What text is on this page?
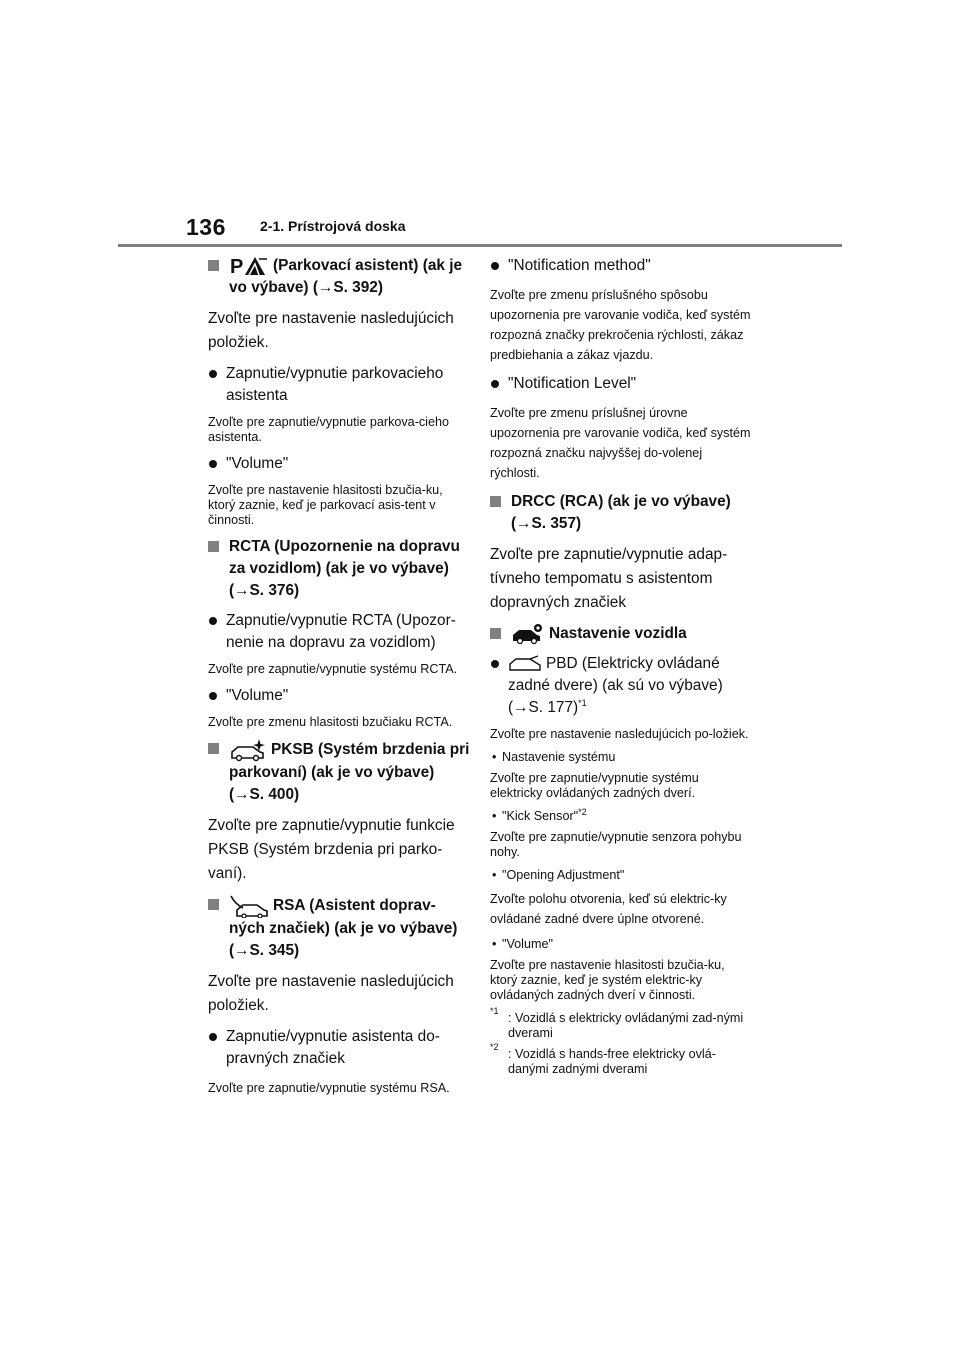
136 2-1. Prístrojová doska
P (Parkovací asistent) (ak je vo výbave) (→S. 392)
Zvoľte pre nastavenie nasledujúcich položiek.
Zapnutie/vypnutie parkovacieho asistenta
Zvoľte pre zapnutie/vypnutie parkova-cieho asistenta.
"Volume"
Zvoľte pre nastavenie hlasitosti bzučia-ku, ktorý zaznie, keď je parkovací asis-tent v činnosti.
RCTA (Upozornenie na dopravu za vozidlom) (ak je vo výbave) (→S. 376)
Zapnutie/vypnutie RCTA (Upozor-nenie na dopravu za vozidlom)
Zvoľte pre zapnutie/vypnutie systému RCTA.
"Volume"
Zvoľte pre zmenu hlasitosti bzučiaku RCTA.
PKSB (Systém brzdenia pri parkovaní) (ak je vo výbave) (→S. 400)
Zvoľte pre zapnutie/vypnutie funkcie PKSB (Systém brzdenia pri parko-vaní).
RSA (Asistent doprav-ných značiek) (ak je vo výbave) (→S. 345)
Zvoľte pre nastavenie nasledujúcich položiek.
Zapnutie/vypnutie asistenta do-pravných značiek
Zvoľte pre zapnutie/vypnutie systému RSA.
"Notification method"
Zvoľte pre zmenu príslušného spôsobu upozornenia pre varovanie vodiča, keď systém rozpozná značky prekročenia rýchlosti, zákaz predbiehania a zákaz vjazdu.
"Notification Level"
Zvoľte pre zmenu príslušnej úrovne upozornenia pre varovanie vodiča, keď systém rozpozná značku najvyššej do-volenej rýchlosti.
DRCC (RCA) (ak je vo výbave) (→S. 357)
Zvoľte pre zapnutie/vypnutie adap-tívneho tempomatu s asistentom dopravných značiek
Nastavenie vozidla
PBD (Elektricky ovládané zadné dvere) (ak sú vo výbave) (→S. 177)$^{*1}$
Zvoľte pre nastavenie nasledujúcich po-ložiek.
• Nastavenie systému
Zvoľte pre zapnutie/vypnutie systému elektricky ovládaných zadných dverí.
• "Kick Sensor"$^{*2}$
Zvoľte pre zapnutie/vypnutie senzora pohybu nohy.
• "Opening Adjustment"
Zvoľte polohu otvorenia, keď sú elektric-ky ovládané zadné dvere úplne otvorené.
• "Volume"
Zvoľte pre nastavenie hlasitosti bzučia-ku, ktorý zaznie, keď je systém elektric-ky ovládaných zadných dverí v činnosti.
*1 : Vozidlá s elektricky ovládanými zad-nými dverami
*2 : Vozidlá s hands-free elektricky ovlá-danými zadnými dverami
